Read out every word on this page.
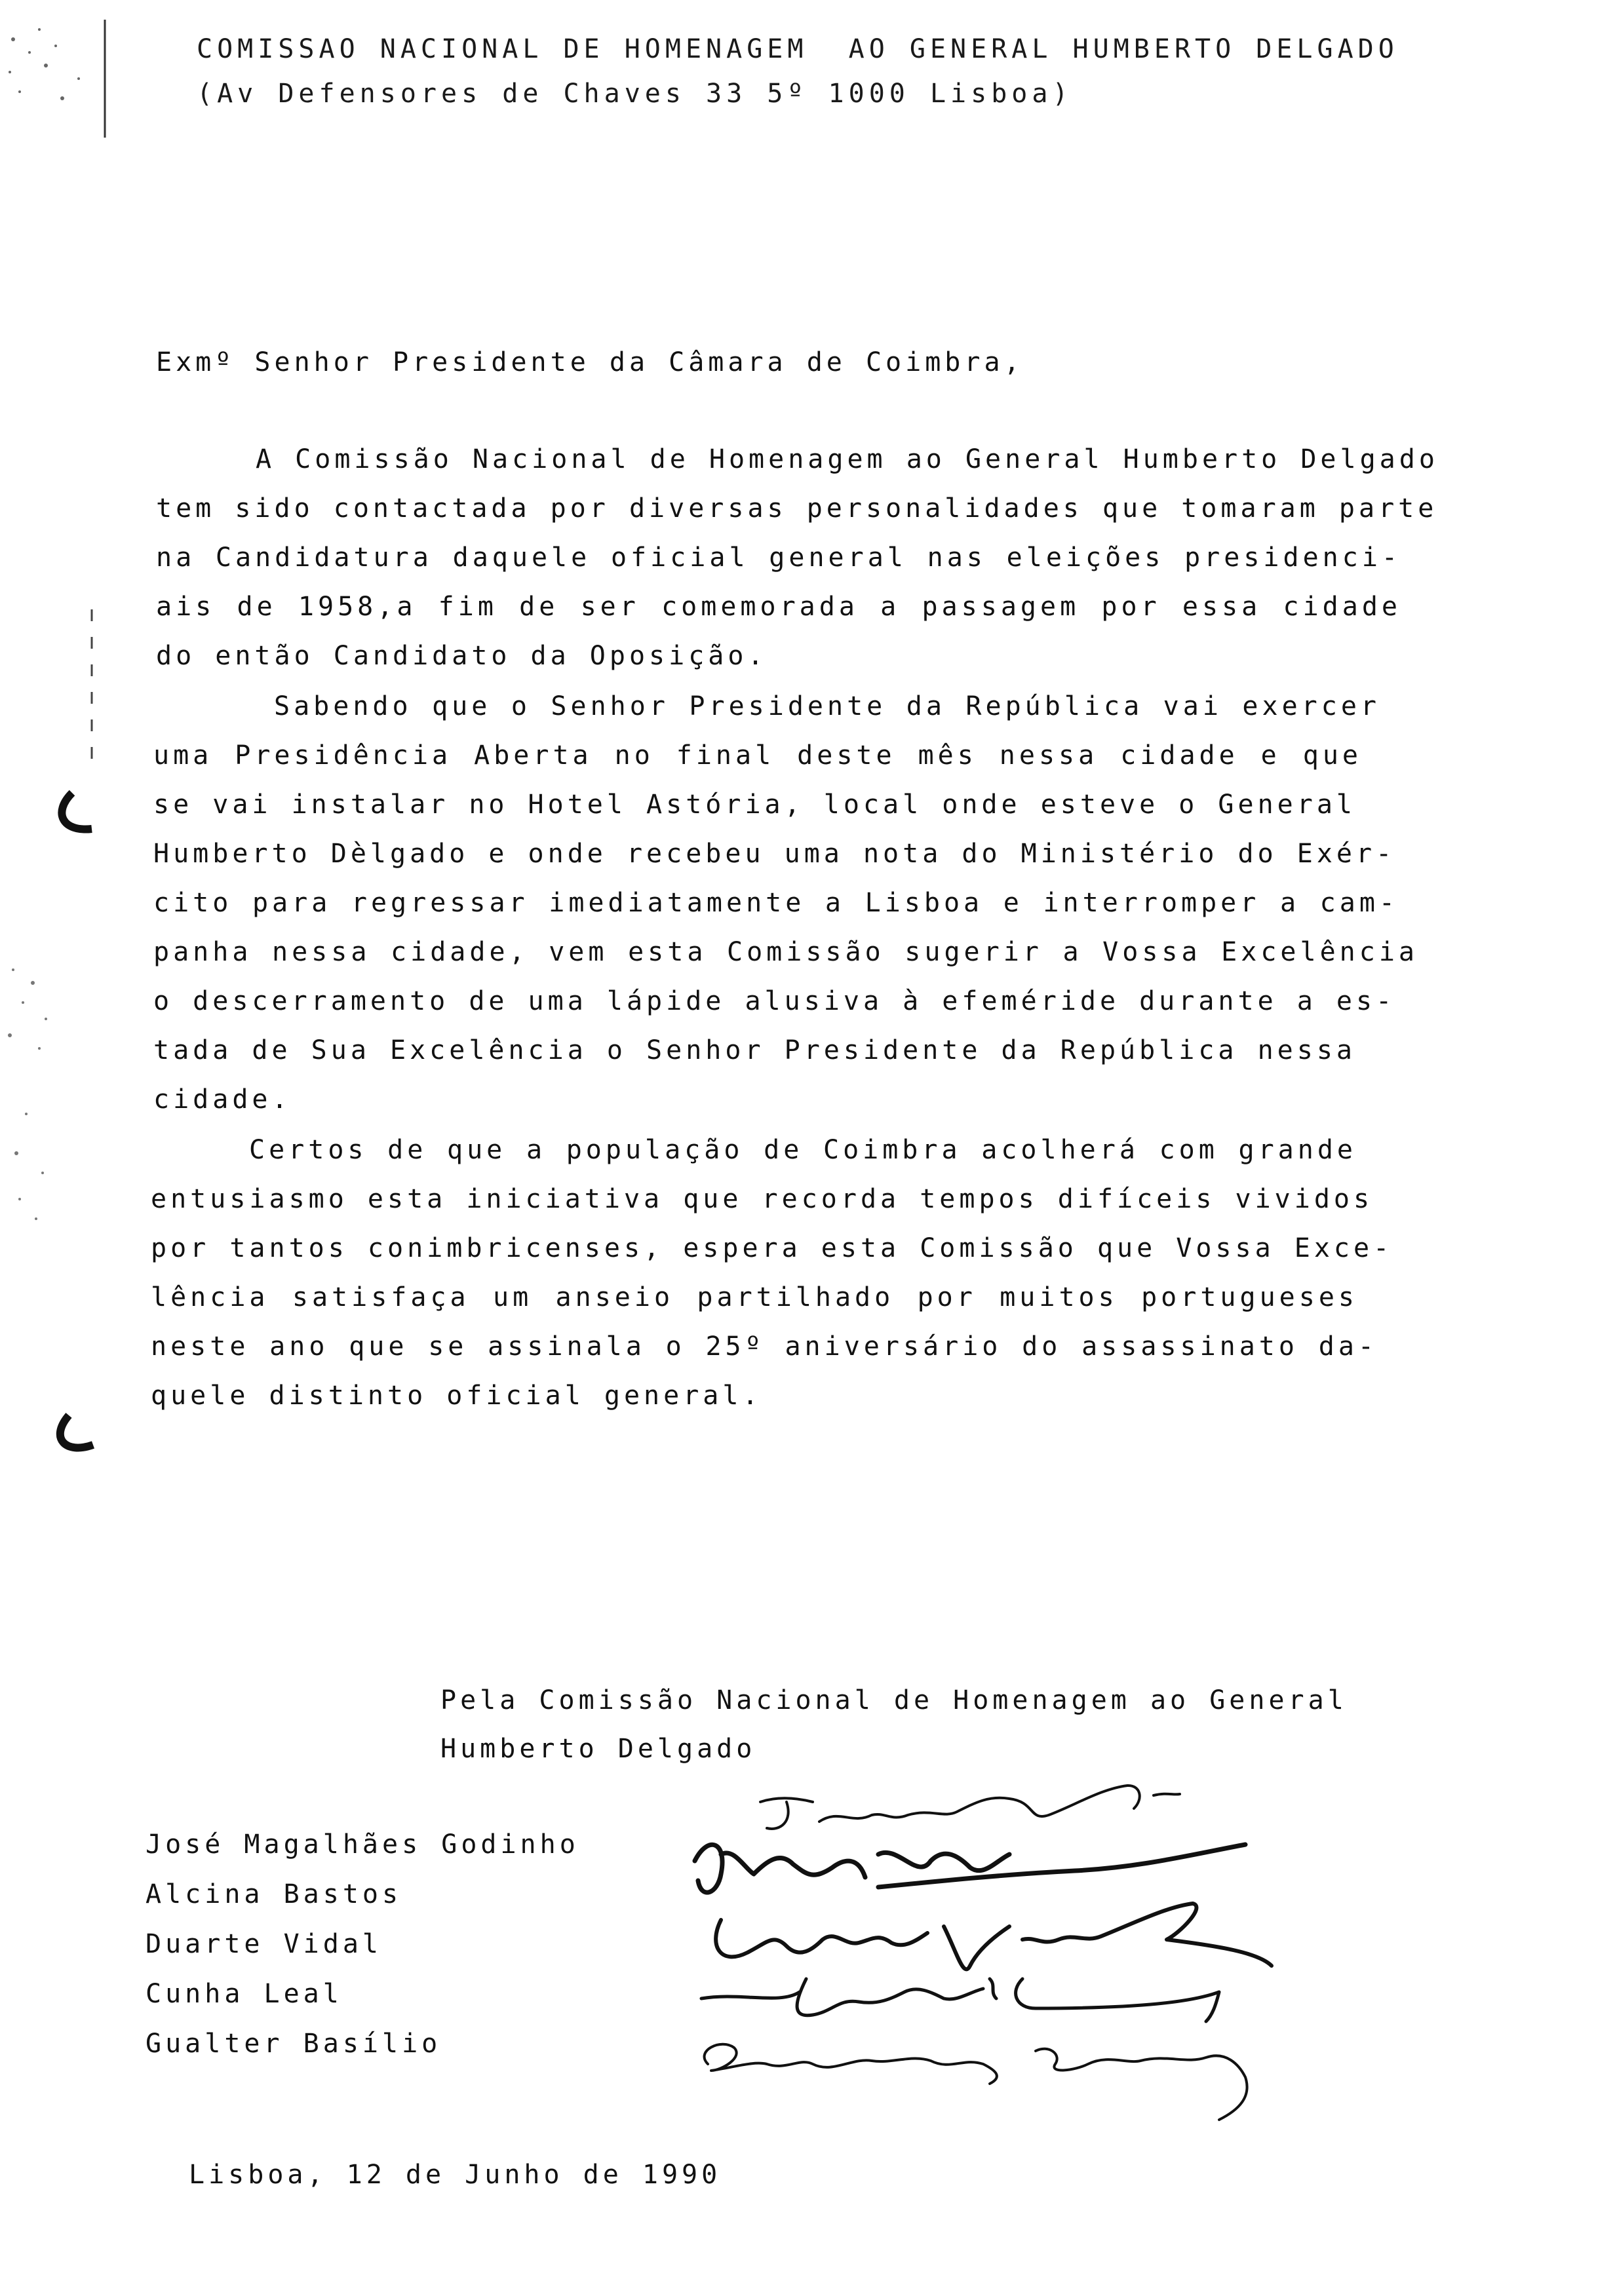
COMISSAO NACIONAL DE HOMENAGEM  AO GENERAL HUMBERTO DELGADO
(Av Defensores de Chaves 33 5º 1000 Lisboa)
Exmº Senhor Presidente da Câmara de Coimbra,
A Comissão Nacional de Homenagem ao General Humberto Delgado
tem sido contactada por diversas personalidades que tomaram parte
na Candidatura daquele oficial general nas eleições presidenci-
ais de 1958,a fim de ser comemorada a passagem por essa cidade
do então Candidato da Oposição.
Sabendo que o Senhor Presidente da República vai exercer
uma Presidência Aberta no final deste mês nessa cidade e que
se vai instalar no Hotel Astória, local onde esteve o General
Humberto Dèlgado e onde recebeu uma nota do Ministério do Exér-
cito para regressar imediatamente a Lisboa e interromper a cam-
panha nessa cidade, vem esta Comissão sugerir a Vossa Excelência
o descerramento de uma lápide alusiva à efeméride durante a es-
tada de Sua Excelência o Senhor Presidente da República nessa
cidade.
Certos de que a população de Coimbra acolherá com grande
entusiasmo esta iniciativa que recorda tempos difíceis vividos
por tantos conimbricenses, espera esta Comissão que Vossa Exce-
lência satisfaça um anseio partilhado por muitos portugueses
neste ano que se assinala o 25º aniversário do assassinato da-
quele distinto oficial general.
Pela Comissão Nacional de Homenagem ao General
Humberto Delgado
José Magalhães Godinho
Alcina Bastos
Duarte Vidal
Cunha Leal
Gualter Basílio
Lisboa, 12 de Junho de 1990
